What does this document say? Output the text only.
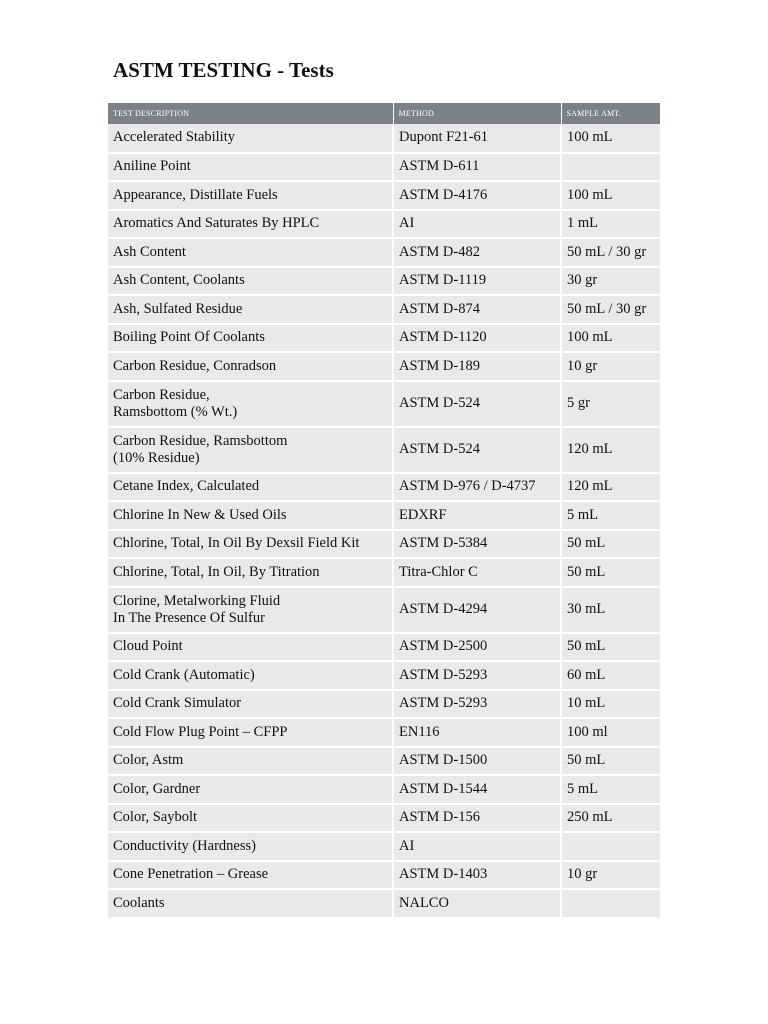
ASTM TESTING - Tests
TEST DESCRIPTION	METHOD	SAMPLE AMT.
Accelerated Stability	Dupont F21-61	100 mL
Aniline Point	ASTM D-611	
Appearance, Distillate Fuels	ASTM D-4176	100 mL
Aromatics And Saturates By HPLC	AI	1 mL
Ash Content	ASTM D-482	50 mL / 30 gr
Ash Content, Coolants	ASTM D-1119	30 gr
Ash, Sulfated Residue	ASTM D-874	50 mL / 30 gr
Boiling Point Of Coolants	ASTM D-1120	100 mL
Carbon Residue, Conradson	ASTM D-189	10 gr
Carbon Residue,
Ramsbottom (% Wt.)	ASTM D-524	5 gr
Carbon Residue, Ramsbottom
(10% Residue)	ASTM D-524	120 mL
Cetane Index, Calculated	ASTM D-976 / D-4737	120 mL
Chlorine In New & Used Oils	EDXRF	5 mL
Chlorine, Total, In Oil By Dexsil Field Kit	ASTM D-5384	50 mL
Chlorine, Total, In Oil, By Titration	Titra-Chlor C	50 mL
Clorine, Metalworking Fluid
In The Presence Of Sulfur	ASTM D-4294	30 mL
Cloud Point	ASTM D-2500	50 mL
Cold Crank (Automatic)	ASTM D-5293	60 mL
Cold Crank Simulator	ASTM D-5293	10 mL
Cold Flow Plug Point – CFPP	EN116	100 ml
Color, Astm	ASTM D-1500	50 mL
Color, Gardner	ASTM D-1544	5 mL
Color, Saybolt	ASTM D-156	250 mL
Conductivity (Hardness)	AI	
Cone Penetration – Grease	ASTM D-1403	10 gr
Coolants	NALCO	
